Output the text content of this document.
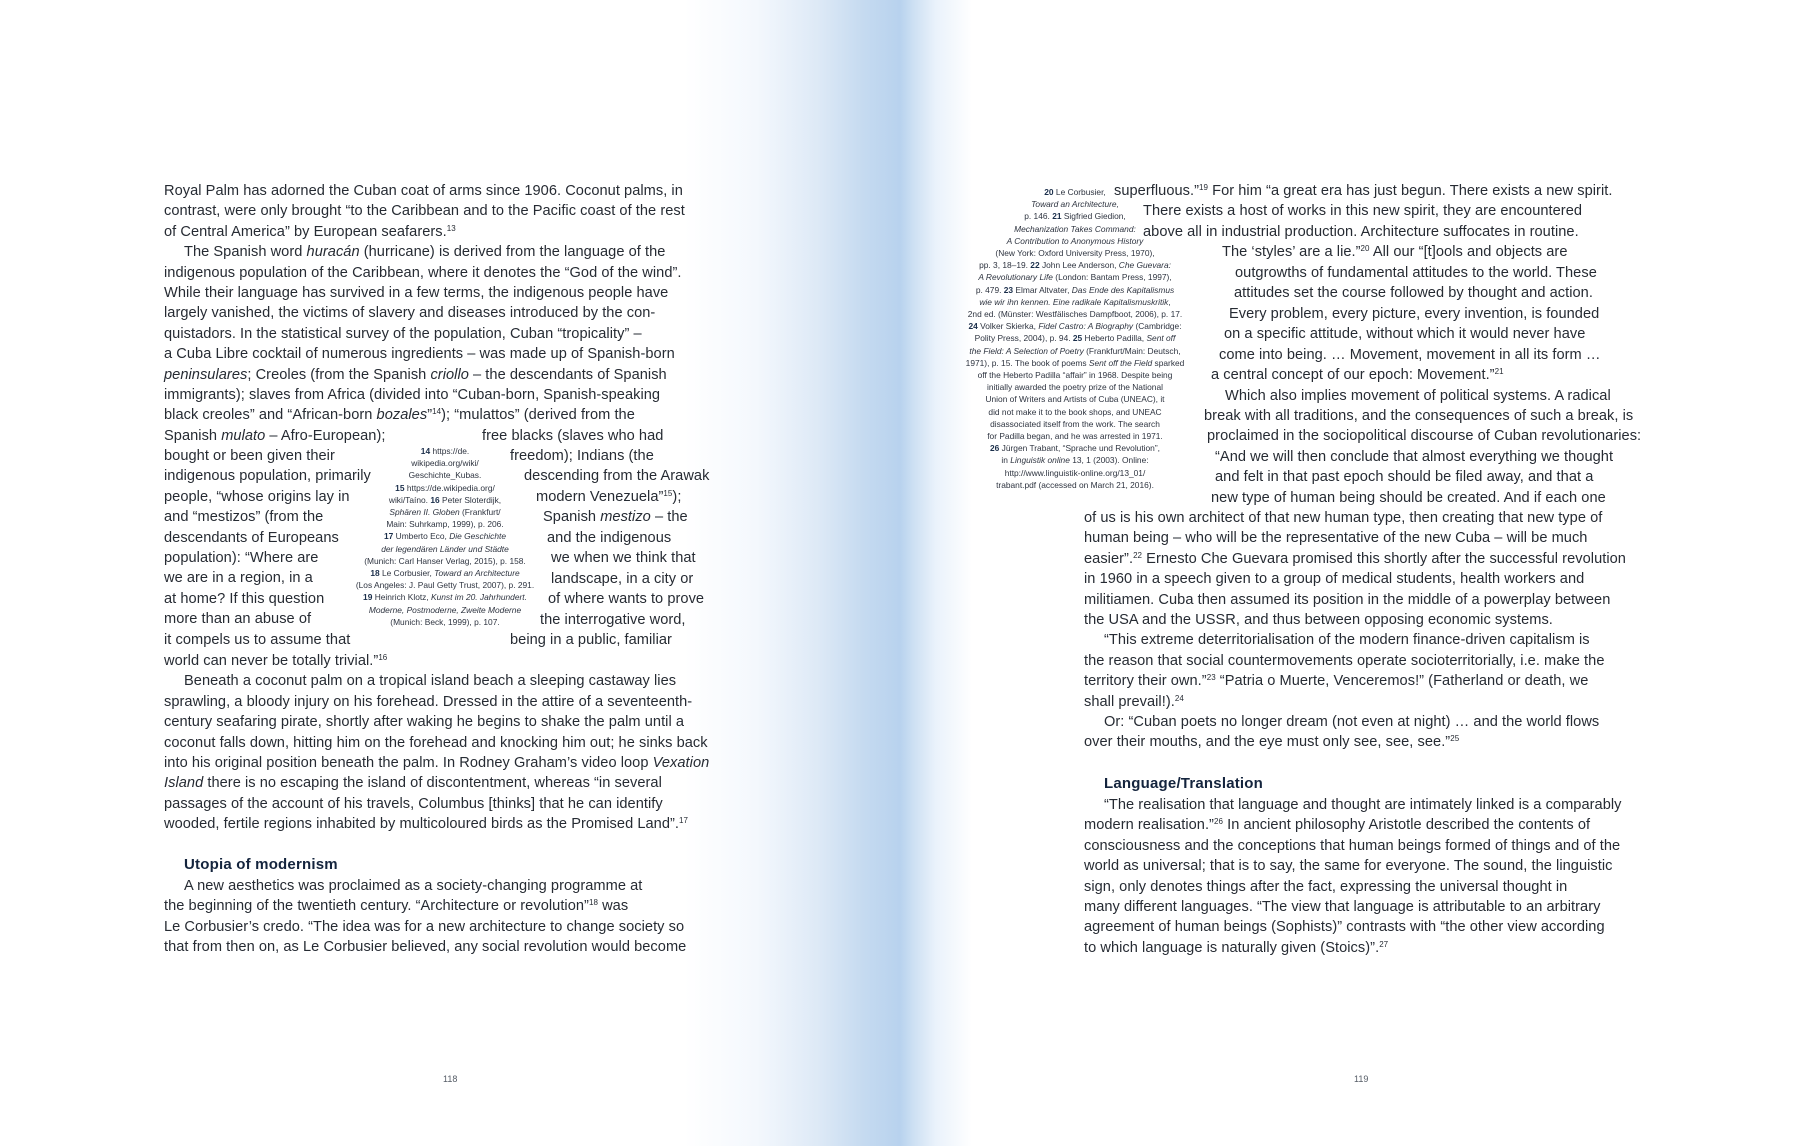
Royal Palm has adorned the Cuban coat of arms since 1906. Coconut palms, in

contrast, were only brought “to the Caribbean and to the Pacific coast of the rest

of Central America” by European seafarers.$^{13}$

The Spanish word huracán (hurricane) is derived from the language of the

indigenous population of the Caribbean, where it denotes the “God of the wind”.

While their language has survived in a few terms, the indigenous people have

largely vanished, the victims of slavery and diseases introduced by the con-

quistadors. In the statistical survey of the population, Cuban “tropicality” –

a Cuba Libre cocktail of numerous ingredients – was made up of Spanish-born

peninsulares; Creoles (from the Spanish criollo – the descendants of Spanish

immigrants); slaves from Africa (divided into “Cuban-born, Spanish-speaking

black creoles” and “African-born bozales”$^{14}$); “mulattos” (derived from the

Spanish mulato – Afro-European);	free blacks (slaves who had

bought or been given their

indigenous population, primarily

people, “whose origins lay in

and “mestizos” (from the

descendants of Europeans

population): “Where are

we are in a region, in a

at home? If this question

more than an abuse of

it compels us to assume that

freedom); Indians (the
descending from the Arawak
modern Venezuela”$^{15}$);
Spanish mestizo – the
and the indigenous
we when we think that
landscape, in a city or
of where wants to prove
the interrogative word,
being in a public, familiar
14 https://de.
wikipedia.org/wiki/
Geschichte_Kubas.
15 https://de.wikipedia.org/
wiki/Taíno. 16 Peter Sloterdijk,
Sphären II. Globen (Frankfurt/
Main: Suhrkamp, 1999), p. 206.
17 Umberto Eco, Die Geschichte
der legendären Länder und Städte
(Munich: Carl Hanser Verlag, 2015), p. 158.
18 Le Corbusier, Toward an Architecture
(Los Angeles: J. Paul Getty Trust, 2007), p. 291.
19 Heinrich Klotz, Kunst im 20. Jahrhundert.
Moderne, Postmoderne, Zweite Moderne
(Munich: Beck, 1999), p. 107.

world can never be totally trivial.”$^{16}$

Beneath a coconut palm on a tropical island beach a sleeping castaway lies

sprawling, a bloody injury on his forehead. Dressed in the attire of a seventeenth-

century seafaring pirate, shortly after waking he begins to shake the palm until a

coconut falls down, hitting him on the forehead and knocking him out; he sinks back

into his original position beneath the palm. In Rodney Graham’s video loop Vexation

Island there is no escaping the island of discontentment, whereas “in several

passages of the account of his travels, Columbus [thinks] that he can identify

wooded, fertile regions inhabited by multicoloured birds as the Promised Land”.$^{17}$

Utopia of modernism

A new aesthetics was proclaimed as a society-changing programme at

the beginning of the twentieth century. “Architecture or revolution”$^{18}$ was

Le Corbusier’s credo. “The idea was for a new architecture to change society so

that from then on, as Le Corbusier believed, any social revolution would become

118
20 Le Corbusier,
Toward an Architecture,
p. 146. 21 Sigfried Giedion,
Mechanization Takes Command:
A Contribution to Anonymous History
(New York: Oxford University Press, 1970),
pp. 3, 18–19. 22 John Lee Anderson, Che Guevara:
A Revolutionary Life (London: Bantam Press, 1997),
p. 479. 23 Elmar Altvater, Das Ende des Kapitalismus
wie wir ihn kennen. Eine radikale Kapitalismuskritik,
2nd ed. (Münster: Westfälisches Dampfboot, 2006), p. 17.
24 Volker Skierka, Fidel Castro: A Biography (Cambridge:
Polity Press, 2004), p. 94. 25 Heberto Padilla, Sent off
the Field: A Selection of Poetry (Frankfurt/Main: Deutsch,
1971), p. 15. The book of poems Sent off the Field sparked
off the Heberto Padilla “affair” in 1968. Despite being
initially awarded the poetry prize of the National
Union of Writers and Artists of Cuba (UNEAC), it
did not make it to the book shops, and UNEAC
disassociated itself from the work. The search
for Padilla began, and he was arrested in 1971.
26 Jürgen Trabant, “Sprache und Revolution”,
in Linguistik online 13, 1 (2003). Online:
http://www.linguistik-online.org/13_01/
trabant.pdf (accessed on March 21, 2016).
superfluous.”$^{19}$ For him “a great era has just begun. There exists a new spirit.
There exists a host of works in this new spirit, they are encountered
above all in industrial production. Architecture suffocates in routine.
The ‘styles’ are a lie.”$^{20}$ All our “[t]ools and objects are
outgrowths of fundamental attitudes to the world. These
attitudes set the course followed by thought and action.
Every problem, every picture, every invention, is founded
on a specific attitude, without which it would never have
come into being. … Movement, movement in all its form …
a central concept of our epoch: Movement.”$^{21}$
Which also implies movement of political systems. A radical
break with all traditions, and the consequences of such a break, is
proclaimed in the sociopolitical discourse of Cuban revolutionaries:
“And we will then conclude that almost everything we thought
and felt in that past epoch should be filed away, and that a
new type of human being should be created. And if each one

of us is his own architect of that new human type, then creating that new type of

human being – who will be the representative of the new Cuba – will be much

easier”.$^{22}$ Ernesto Che Guevara promised this shortly after the successful revolution

in 1960 in a speech given to a group of medical students, health workers and

militiamen. Cuba then assumed its position in the middle of a powerplay between

the USA and the USSR, and thus between opposing economic systems.

“This extreme deterritorialisation of the modern finance-driven capitalism is

the reason that social countermovements operate socioterritorially, i.e. make the

territory their own.”$^{23}$ “Patria o Muerte, Venceremos!” (Fatherland or death, we

shall prevail!).$^{24}$

Or: “Cuban poets no longer dream (not even at night) … and the world flows

over their mouths, and the eye must only see, see, see.”$^{25}$

Language/Translation

“The realisation that language and thought are intimately linked is a comparably

modern realisation.”$^{26}$ In ancient philosophy Aristotle described the contents of

consciousness and the conceptions that human beings formed of things and of the

world as universal; that is to say, the same for everyone. The sound, the linguistic

sign, only denotes things after the fact, expressing the universal thought in

many different languages. “The view that language is attributable to an arbitrary

agreement of human beings (Sophists)” contrasts with “the other view according

to which language is naturally given (Stoics)”.$^{27}$

119
